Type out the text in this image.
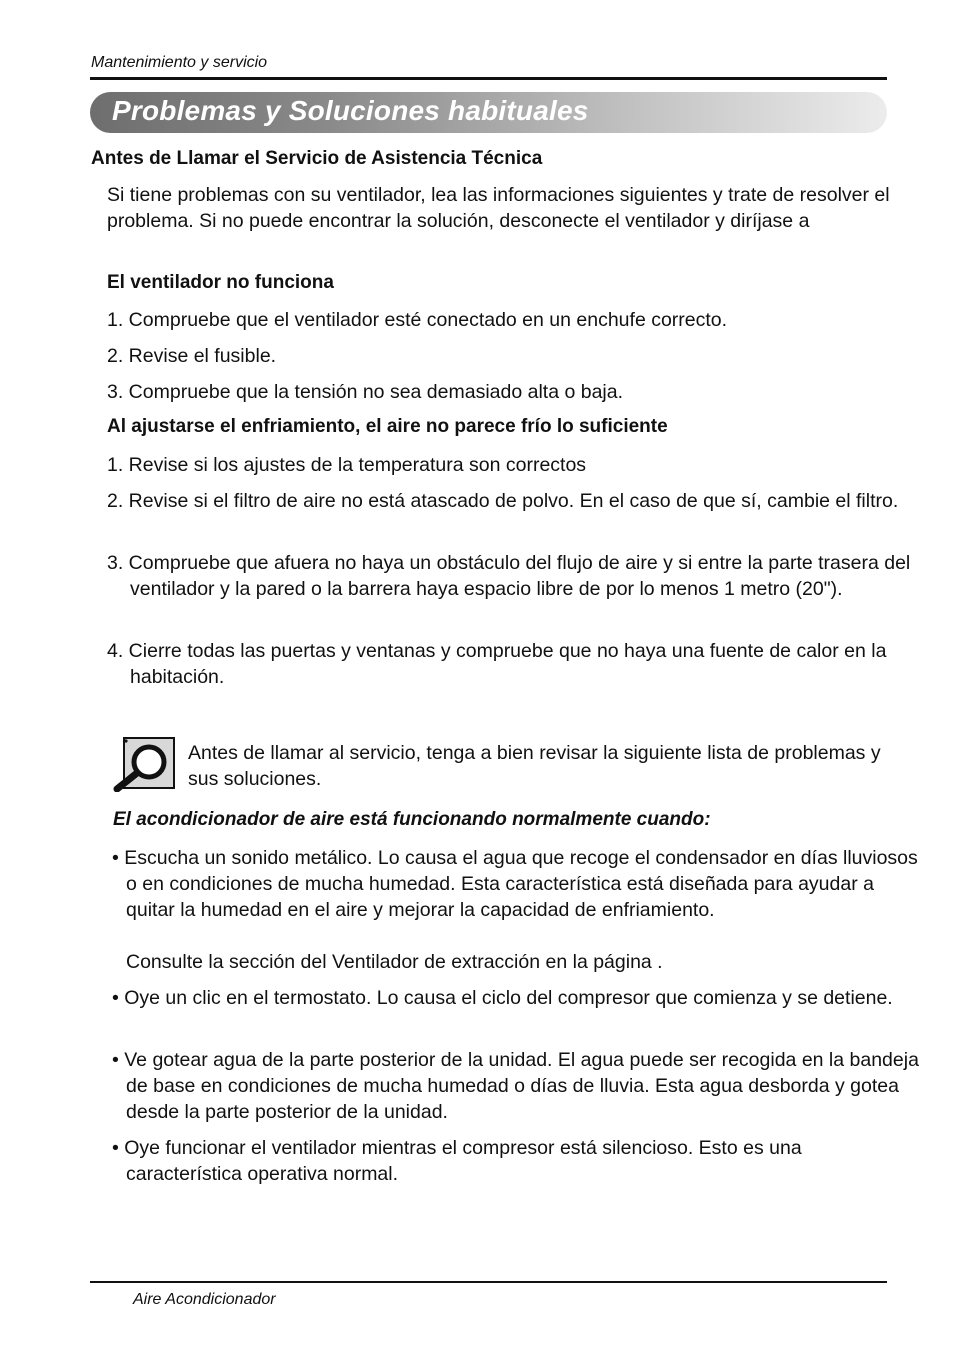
Mantenimiento y servicio
Problemas y Soluciones habituales
Antes de Llamar el Servicio de Asistencia Técnica
Si tiene problemas con su ventilador, lea las informaciones siguientes y trate de resolver el problema. Si no puede encontrar la solución, desconecte el ventilador y diríjase a
El ventilador no funciona
1. Compruebe que el ventilador esté conectado en un enchufe correcto.
2. Revise el fusible.
3. Compruebe que la tensión no sea demasiado alta o baja.
Al ajustarse el enfriamiento, el aire no parece frío lo suficiente
1. Revise si los ajustes de la temperatura son correctos
2. Revise si el filtro de aire no está atascado de polvo. En el caso de que sí, cambie el filtro.
3. Compruebe que afuera no haya un obstáculo del flujo de aire y si entre la parte trasera del ventilador y la pared o la barrera haya espacio libre de por lo menos 1 metro (20").
4. Cierre todas las puertas y ventanas y compruebe que no haya una fuente de calor en la habitación.
Antes de llamar al servicio, tenga a bien revisar la siguiente lista de problemas y sus soluciones.
El acondicionador de aire está funcionando normalmente cuando:
• Escucha un sonido metálico. Lo causa el agua que recoge el condensador en días lluviosos o en condiciones de mucha humedad. Esta característica está diseñada para ayudar a quitar la humedad en el aire y mejorar la capacidad de enfriamiento.
Consulte la sección del Ventilador de extracción en la página .
• Oye un clic en el termostato. Lo causa el ciclo del compresor que comienza y se detiene.
• Ve gotear agua de la parte posterior de la unidad. El agua puede ser recogida en la bandeja de base en condiciones de mucha humedad o días de lluvia. Esta agua desborda y gotea desde la parte posterior de la unidad.
• Oye funcionar el ventilador mientras el compresor está silencioso. Esto es una característica operativa normal.
Aire Acondicionador
